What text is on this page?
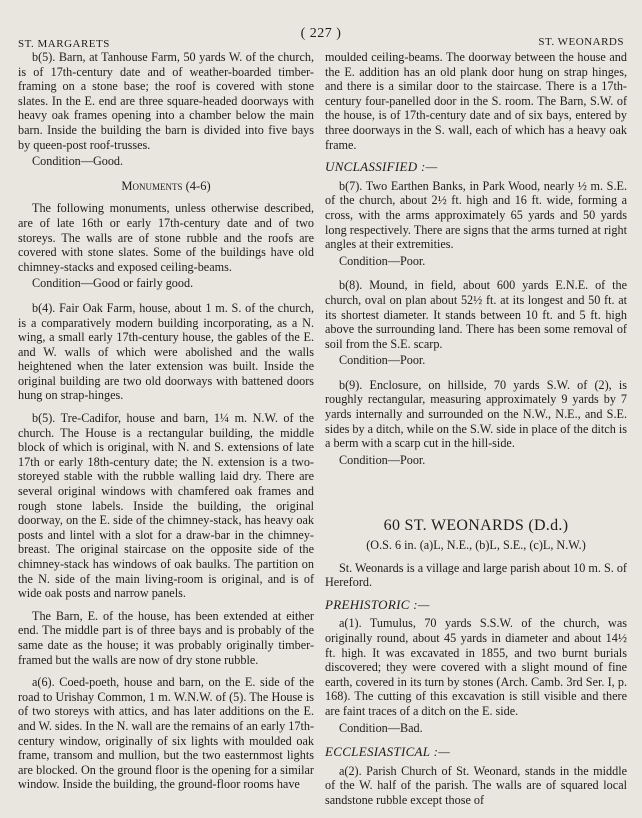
ST. MARGARETS
( 227 )
ST. WEONARDS

b(5). Barn, at Tanhouse Farm, 50 yards W. of the church, is of 17th-century date and of weather-boarded timber-framing on a stone base; the roof is covered with stone slates. In the E. end are three square-headed doorways with heavy oak frames opening into a chamber below the main barn. Inside the building the barn is divided into five bays by queen-post roof-trusses.

Condition—Good.

Monuments (4-6)

The following monuments, unless otherwise described, are of late 16th or early 17th-century date and of two storeys. The walls are of stone rubble and the roofs are covered with stone slates. Some of the buildings have old chimney-stacks and exposed ceiling-beams.

Condition—Good or fairly good.

b(4). Fair Oak Farm, house, about 1 m. S. of the church, is a comparatively modern building incorporating, as a N. wing, a small early 17th-century house, the gables of the E. and W. walls of which were abolished and the walls heightened when the later extension was built. Inside the original building are two old doorways with battened doors hung on strap-hinges.

b(5). Tre-Cadifor, house and barn, 1¼ m. N.W. of the church. The House is a rectangular building, the middle block of which is original, with N. and S. extensions of late 17th or early 18th-century date; the N. extension is a two-storeyed stable with the rubble walling laid dry. There are several original windows with chamfered oak frames and rough stone labels. Inside the building, the original doorway, on the E. side of the chimney-stack, has heavy oak posts and lintel with a slot for a draw-bar in the chimney-breast. The original staircase on the opposite side of the chimney-stack has windows of oak baulks. The partition on the N. side of the main living-room is original, and is of wide oak posts and narrow panels.

The Barn, E. of the house, has been extended at either end. The middle part is of three bays and is probably of the same date as the house; it was probably originally timber-framed but the walls are now of dry stone rubble.

a(6). Coed-poeth, house and barn, on the E. side of the road to Urishay Common, 1 m. W.N.W. of (5). The House is of two storeys with attics, and has later additions on the E. and W. sides. In the N. wall are the remains of an early 17th-century window, originally of six lights with moulded oak frame, transom and mullion, but the two easternmost lights are blocked. On the ground floor is the opening for a similar window. Inside the building, the ground-floor rooms have

moulded ceiling-beams. The doorway between the house and the E. addition has an old plank door hung on strap hinges, and there is a similar door to the staircase. There is a 17th-century four-panelled door in the S. room. The Barn, S.W. of the house, is of 17th-century date and of six bays, entered by three doorways in the S. wall, each of which has a heavy oak frame.

UNCLASSIFIED :—

b(7). Two Earthen Banks, in Park Wood, nearly ½ m. S.E. of the church, about 2½ ft. high and 16 ft. wide, forming a cross, with the arms approximately 65 yards and 50 yards long respectively. There are signs that the arms turned at right angles at their extremities.

Condition—Poor.

b(8). Mound, in field, about 600 yards E.N.E. of the church, oval on plan about 52½ ft. at its longest and 50 ft. at its shortest diameter. It stands between 10 ft. and 5 ft. high above the surrounding land. There has been some removal of soil from the S.E. scarp.

Condition—Poor.

b(9). Enclosure, on hillside, 70 yards S.W. of (2), is roughly rectangular, measuring approximately 9 yards by 7 yards internally and surrounded on the N.W., N.E., and S.E. sides by a ditch, while on the S.W. side in place of the ditch is a berm with a scarp cut in the hill-side.

Condition—Poor.

60 ST. WEONARDS (D.d.)
(O.S. 6 in. (a)L, N.E., (b)L, S.E., (c)L, N.W.)

St. Weonards is a village and large parish about 10 m. S. of Hereford.

PREHISTORIC :—

a(1). Tumulus, 70 yards S.S.W. of the church, was originally round, about 45 yards in diameter and about 14½ ft. high. It was excavated in 1855, and two burnt burials discovered; they were covered with a slight mound of fine earth, covered in its turn by stones (Arch. Camb. 3rd Ser. I, p. 168). The cutting of this excavation is still visible and there are faint traces of a ditch on the E. side.

Condition—Bad.

ECCLESIASTICAL :—

a(2). Parish Church of St. Weonard, stands in the middle of the W. half of the parish. The walls are of squared local sandstone rubble except those of
